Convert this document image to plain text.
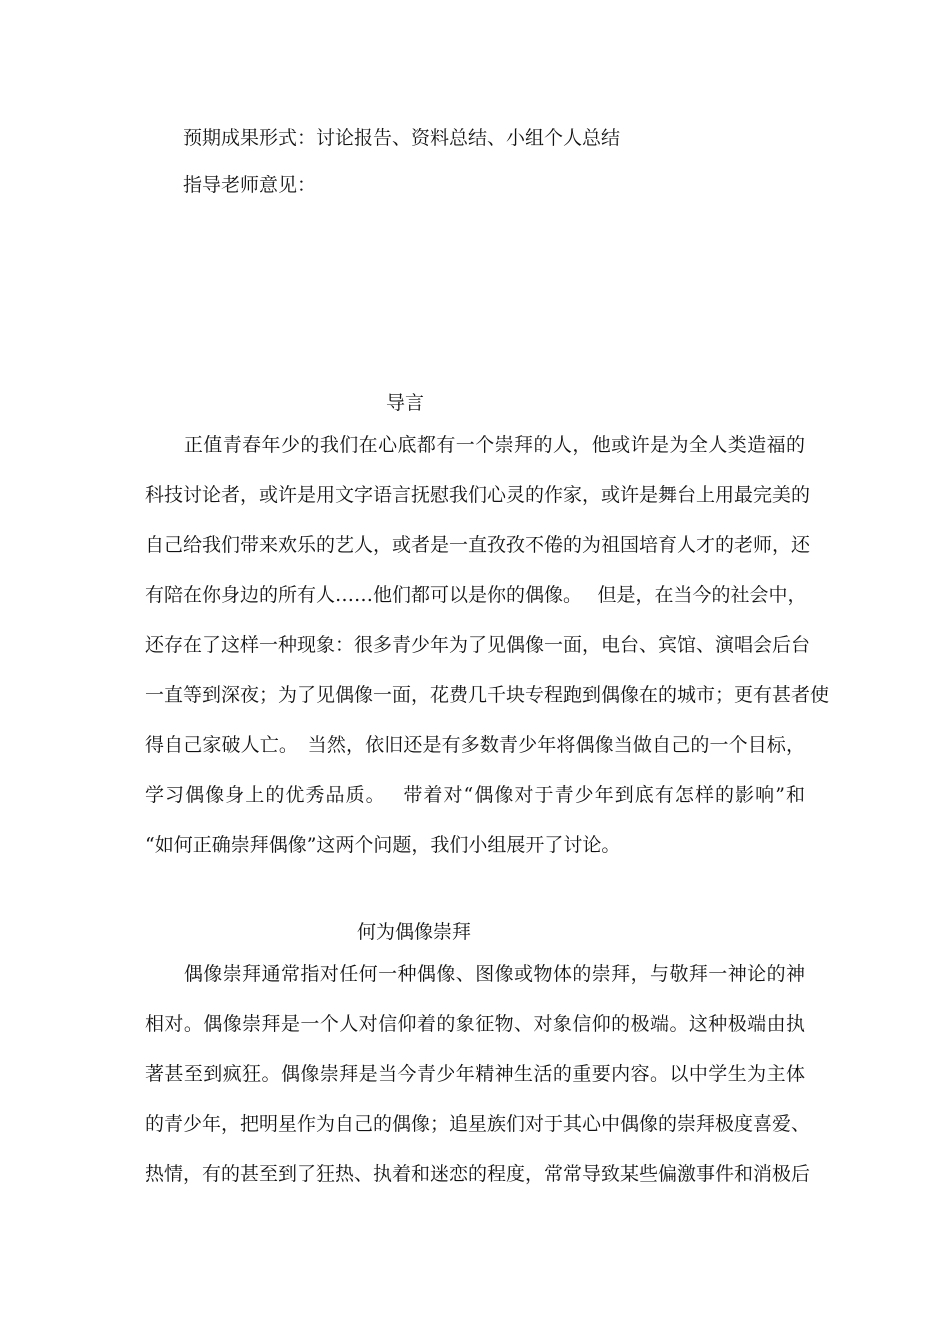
预期成果形式：讨论报告、资料总结、小组个人总结
指导老师意见：
导言
　　正值青春年少的我们在心底都有一个崇拜的人，他或许是为全人类造福的
科技讨论者，或许是用文字语言抚慰我们心灵的作家，或许是舞台上用最完美的
自己给我们带来欢乐的艺人，或者是一直孜孜不倦的为祖国培育人才的老师，还
有陪在你身边的所有人……他们都可以是你的偶像。　 但是，在当今的社会中，
还存在了这样一种现象：很多青少年为了见偶像一面，电台、宾馆、演唱会后台
一直等到深夜；为了见偶像一面，花费几千块专程跑到偶像在的城市；更有甚者使
得自己家破人亡。　当然，依旧还是有多数青少年将偶像当做自己的一个目标，
学习偶像身上的优秀品质。　 带着对“偶像对于青少年到底有怎样的影响”和
“如何正确崇拜偶像”这两个问题，我们小组展开了讨论。
何为偶像崇拜
　　偶像崇拜通常指对任何一种偶像、图像或物体的崇拜，与敬拜一神论的神
相对。偶像崇拜是一个人对信仰着的象征物、对象信仰的极端。这种极端由执
著甚至到疯狂。偶像崇拜是当今青少年精神生活的重要内容。以中学生为主体
的青少年，把明星作为自己的偶像；追星族们对于其心中偶像的崇拜极度喜爱、
热情，有的甚至到了狂热、执着和迷恋的程度，常常导致某些偏激事件和消极后
